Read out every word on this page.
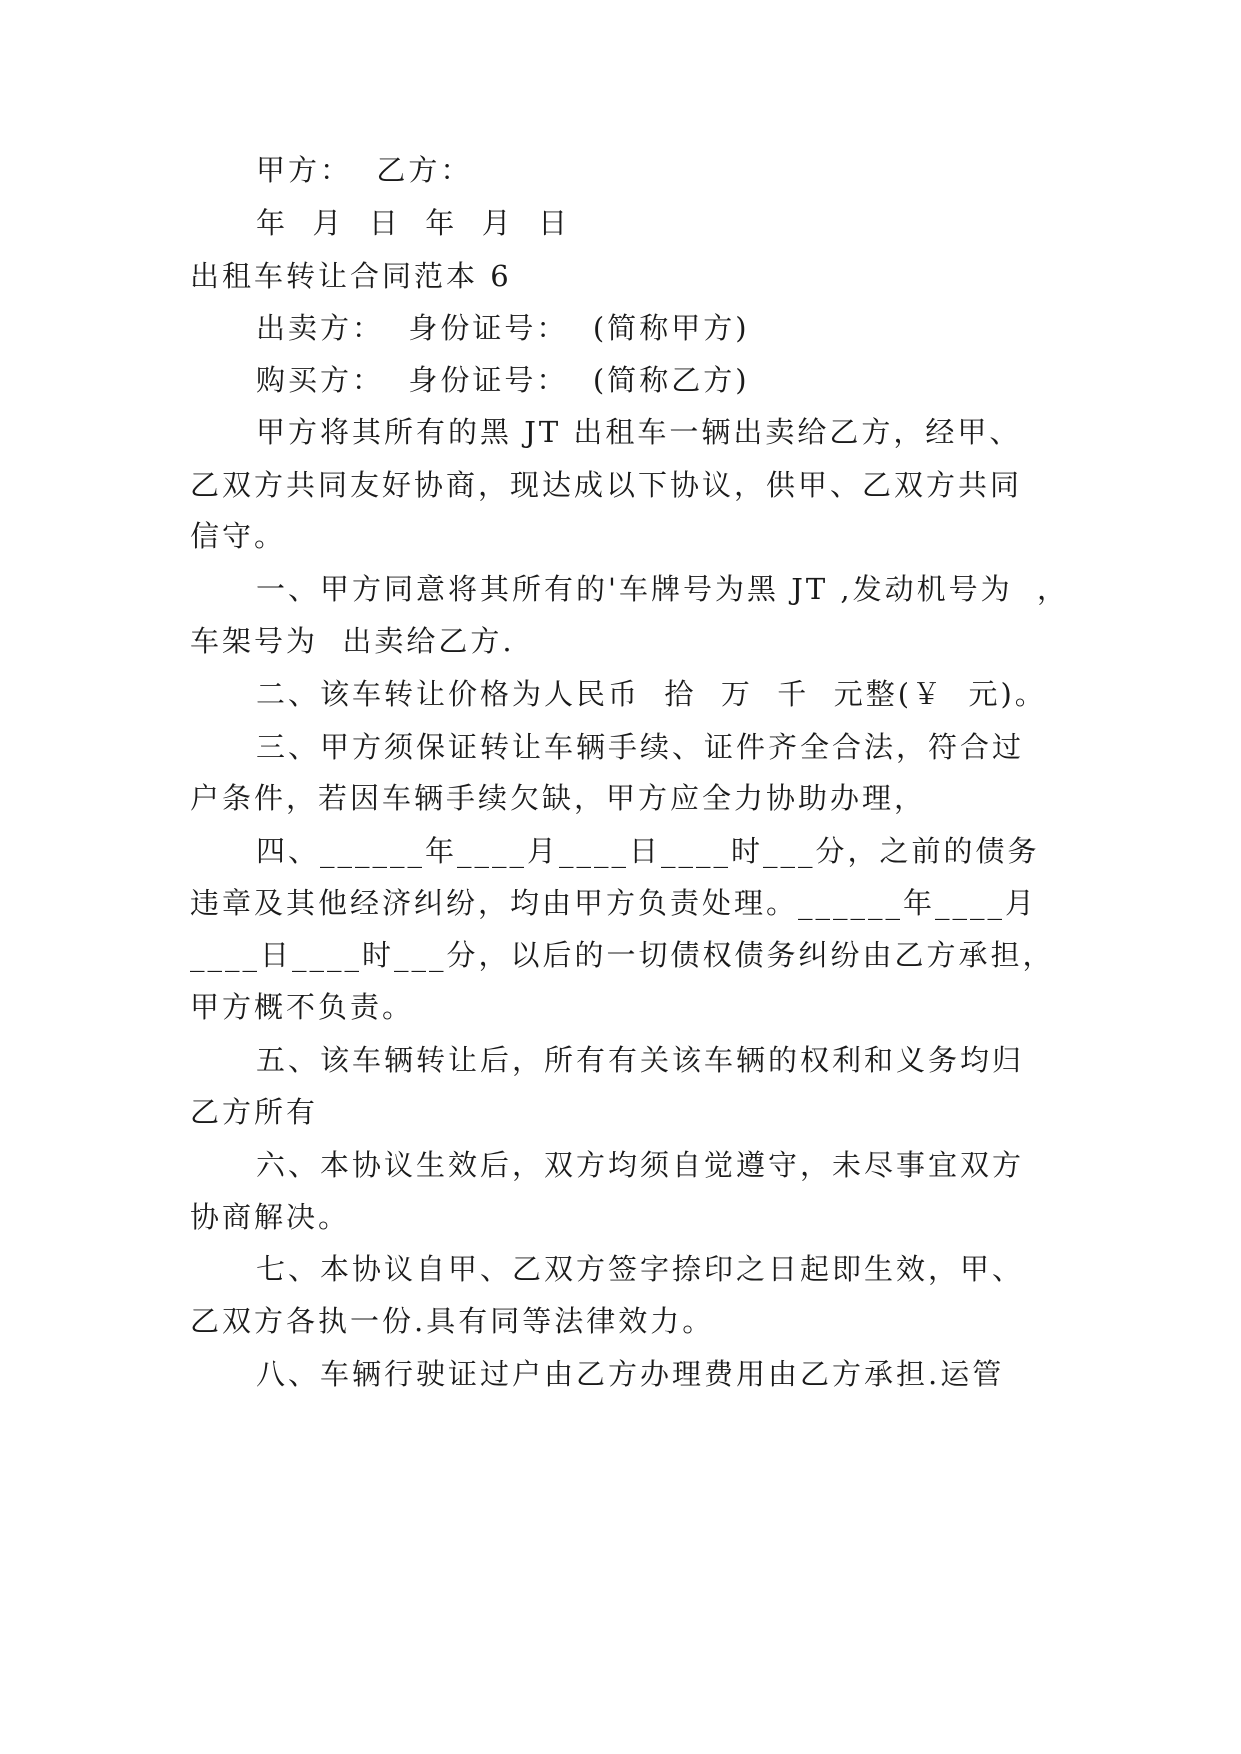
甲方：  乙方：
年  月  日  年  月  日
出租车转让合同范本 6
出卖方：  身份证号：  (简称甲方)
购买方：  身份证号：  (简称乙方)
甲方将其所有的黑 JT 出租车一辆出卖给乙方，经甲、
乙双方共同友好协商，现达成以下协议，供甲、乙双方共同
信守。
一、甲方同意将其所有的'车牌号为黑 JT ,发动机号为  ，
车架号为  出卖给乙方.
二、该车转让价格为人民币  拾  万  千  元整(￥  元)。
三、甲方须保证转让车辆手续、证件齐全合法，符合过
户条件，若因车辆手续欠缺，甲方应全力协助办理，
四、______年____月____日____时___分，之前的债务
违章及其他经济纠纷，均由甲方负责处理。______年____月
____日____时___分，以后的一切债权债务纠纷由乙方承担，
甲方概不负责。
五、该车辆转让后，所有有关该车辆的权利和义务均归
乙方所有
六、本协议生效后，双方均须自觉遵守，未尽事宜双方
协商解决。
七、本协议自甲、乙双方签字捺印之日起即生效，甲、
乙双方各执一份.具有同等法律效力。
八、车辆行驶证过户由乙方办理费用由乙方承担.运管
